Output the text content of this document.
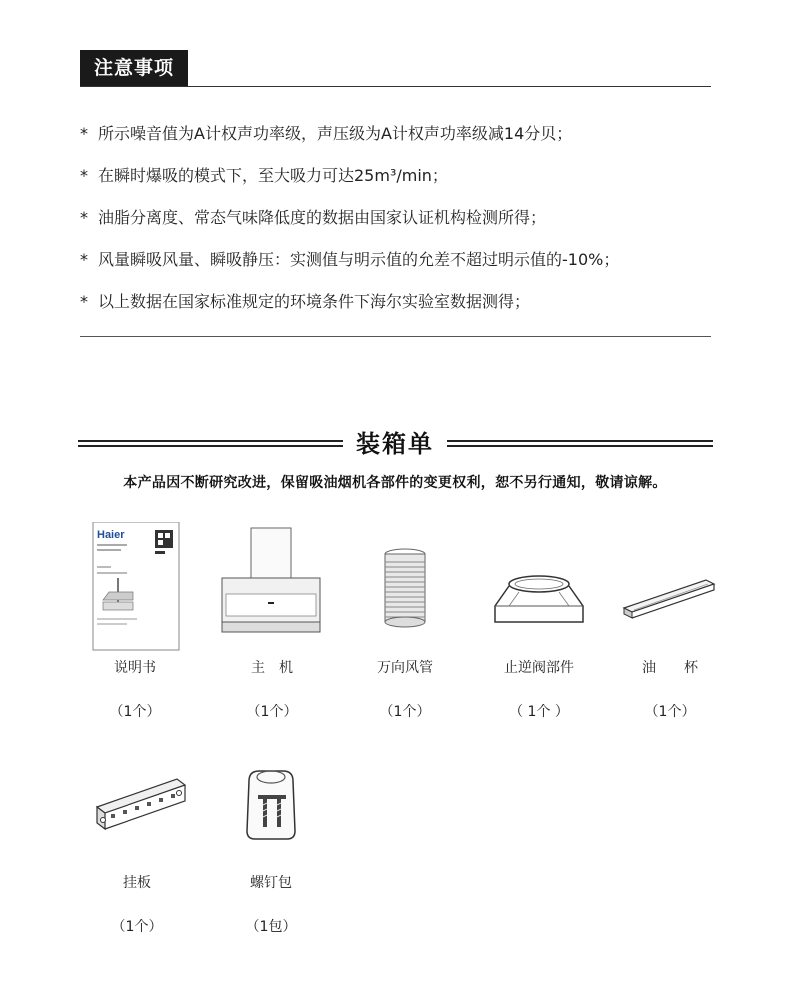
注意事项
* 所示噪音值为A计权声功率级，声压级为A计权声功率级减14分贝；
* 在瞬时爆吸的模式下，至大吸力可达25m³/min；
* 油脂分离度、常态气味降低度的数据由国家认证机构检测所得；
* 风量瞬吸风量、瞬吸静压：实测值与明示值的允差不超过明示值的-10%；
* 以上数据在国家标准规定的环境条件下海尔实验室数据测得；
装箱单
本产品因不断研究改进，保留吸油烟机各部件的变更权利，恕不另行通知，敬请谅解。
Haier
说明书
（1个）
主　机
（1个）
万向风管
（1个）
止逆阀部件
（ 1个 ）
油　　杯
（1个）
挂板
（1个）
螺钉包
（1包）
